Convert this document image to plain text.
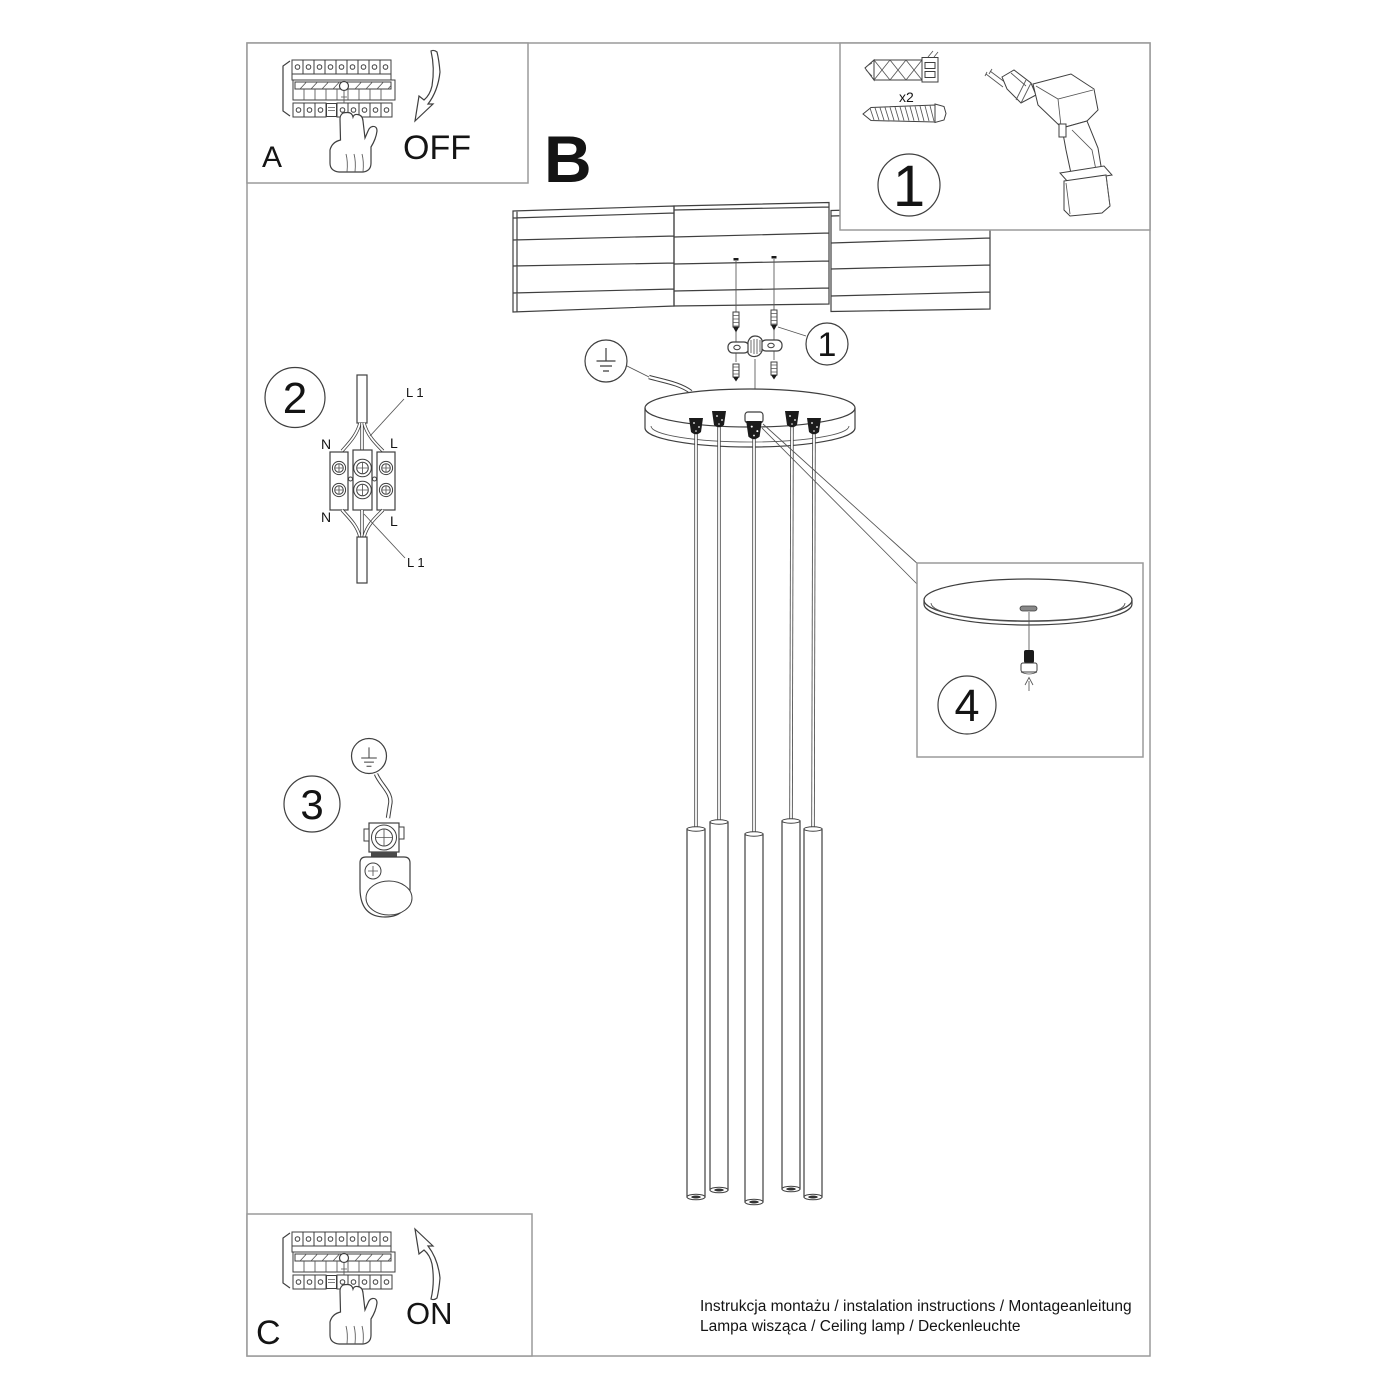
1
A	OFF
x2
1
B
4
2	L 1
N	L
N	L
L 1
3
C
ON	Instrukcja montażu / instalation instructions / Montageanleitung
Lampa wisząca / Ceiling lamp / Deckenleuchte
